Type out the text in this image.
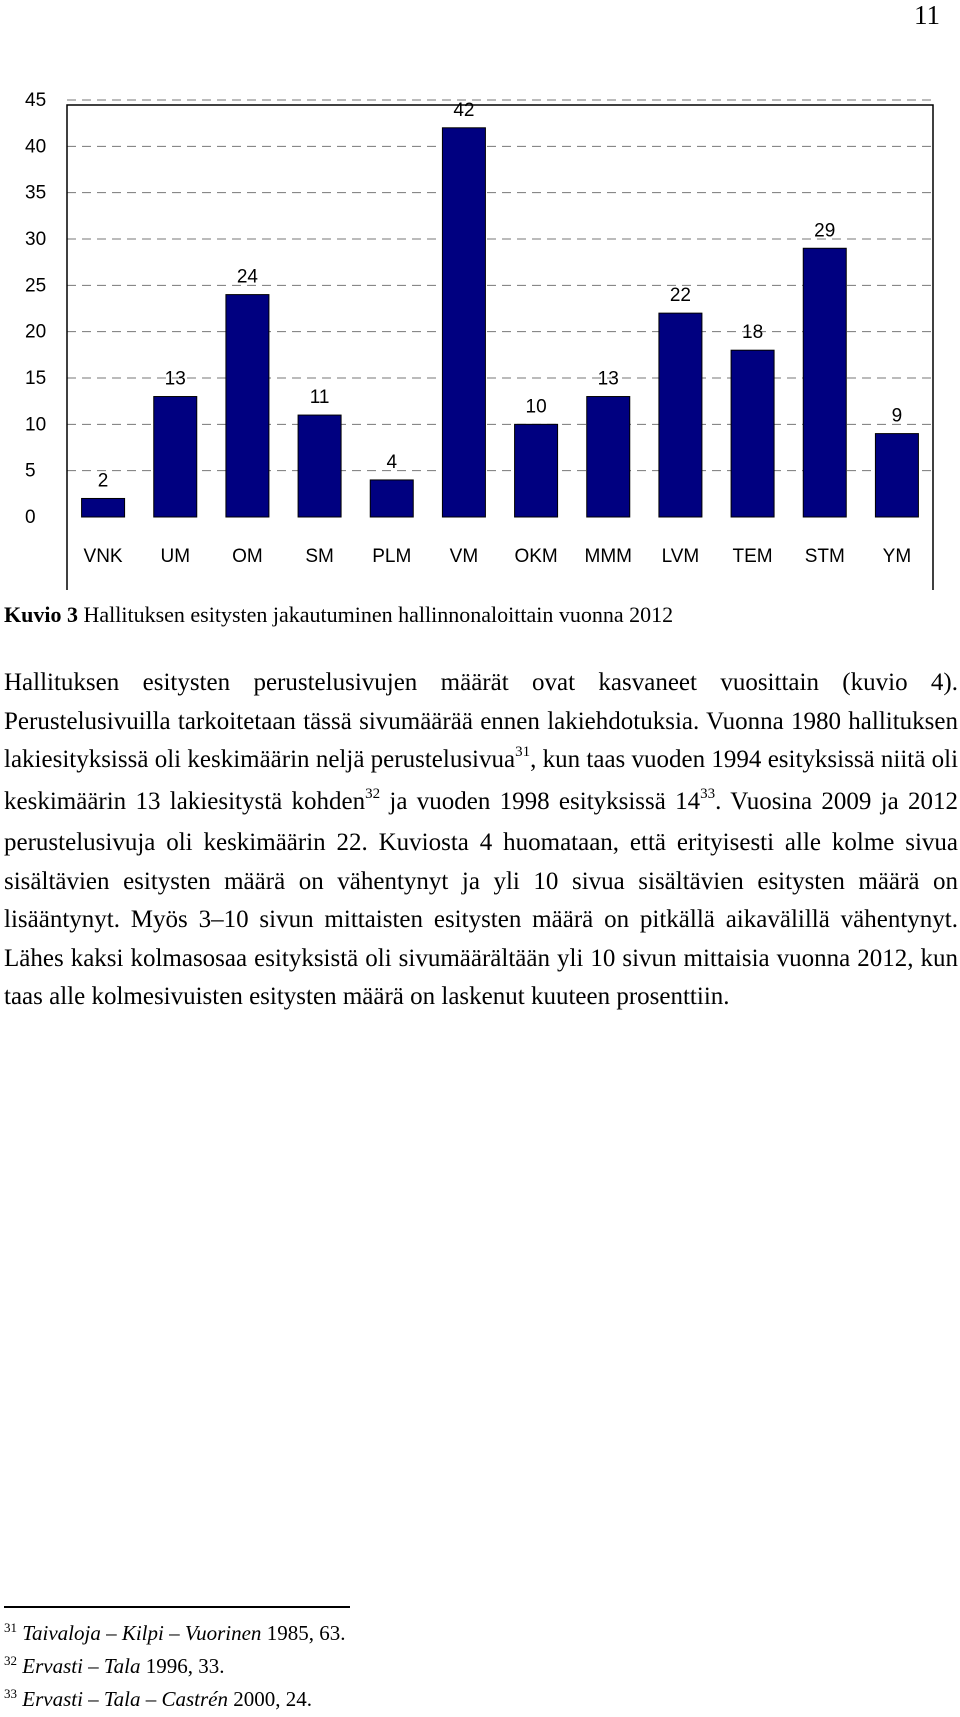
11
0
5
10
15
20
25
30
35
40
45
2
13
24
11
4
42
10
13
22
18
29
9
VNK UM OM SM PLM VM OKM MMM LVM TEM STM YM
Kuvio 3 Hallituksen esitysten jakautuminen hallinnonaloittain vuonna 2012

Hallituksen esitysten perustelusivujen määrät ovat kasvaneet vuosittain (kuvio 4). Perustelusivuilla tarkoitetaan tässä sivumäärää ennen lakiehdotuksia. Vuonna 1980 hallituksen lakiesityksissä oli keskimäärin neljä perustelusivua$^{31}$, kun taas vuoden 1994 esityksissä niitä oli keskimäärin 13 lakiesitystä kohden$^{32}$ ja vuoden 1998 esityksissä $14^{33}$. Vuosina 2009 ja 2012 perustelusivuja oli keskimäärin 22. Kuviosta 4 huomataan, että erityisesti alle kolme sivua sisältävien esitysten määrä on vähentynyt ja yli 10 sivua sisältävien esitysten määrä on lisääntynyt. Myös 3–10 sivun mittaisten esitysten määrä on pitkällä aikavälillä vähentynyt. Lähes kaksi kolmasosaa esityksistä oli sivumäärältään yli 10 sivun mittaisia vuonna 2012, kun taas alle kolmesivuisten esitysten määrä on laskenut kuuteen prosenttiin.

$^{31}$ Taivaloja – Kilpi – Vuorinen 1985, 63.
$^{32}$ Ervasti – Tala 1996, 33.
$^{33}$ Ervasti – Tala – Castrén 2000, 24.
